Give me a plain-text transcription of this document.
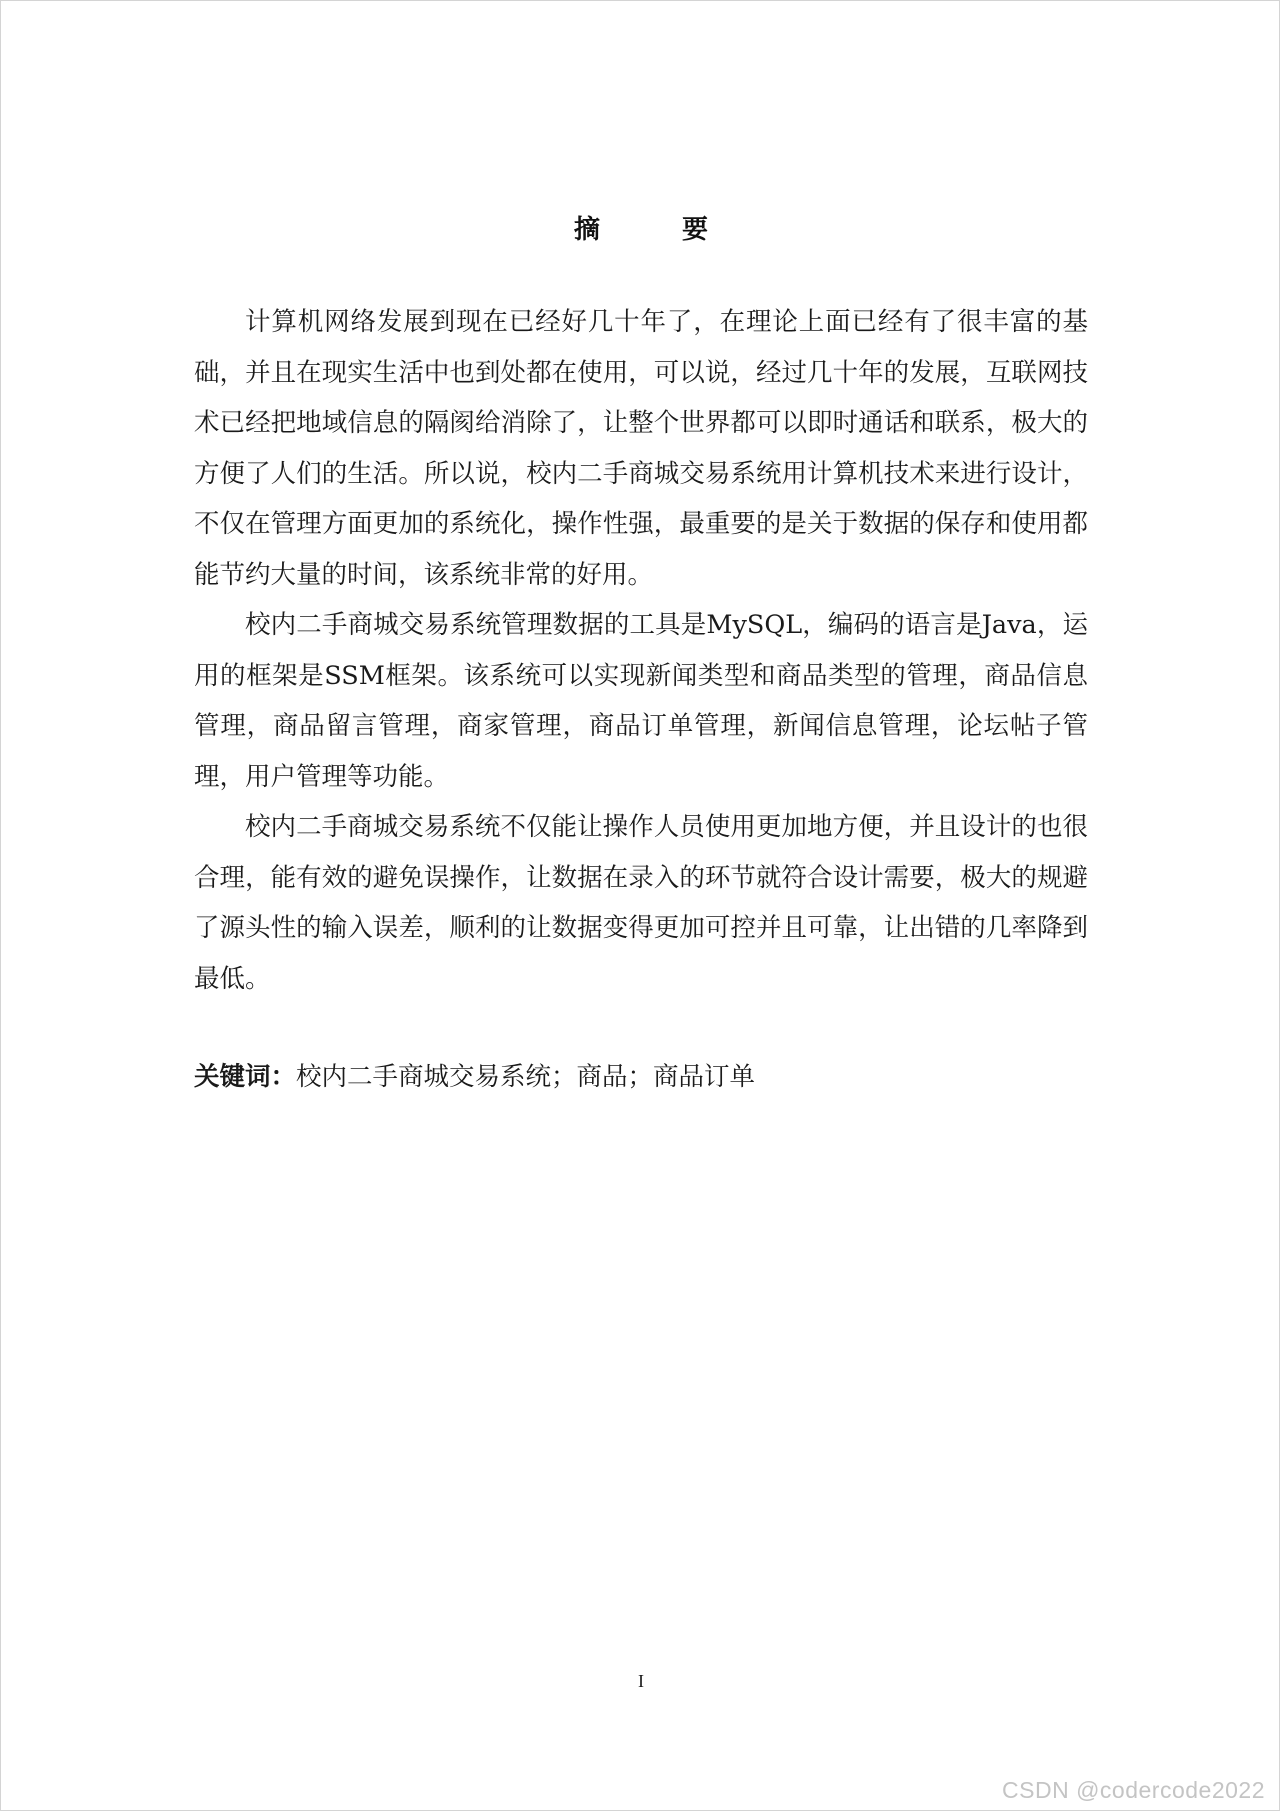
摘　要

计算机网络发展到现在已经好几十年了，在理论上面已经有了很丰富的基础，并且在现实生活中也到处都在使用，可以说，经过几十年的发展，互联网技术已经把地域信息的隔阂给消除了，让整个世界都可以即时通话和联系，极大的方便了人们的生活。所以说，校内二手商城交易系统用计算机技术来进行设计，不仅在管理方面更加的系统化，操作性强，最重要的是关于数据的保存和使用都能节约大量的时间，该系统非常的好用。

校内二手商城交易系统管理数据的工具是MySQL，编码的语言是Java，运用的框架是SSM框架。该系统可以实现新闻类型和商品类型的管理，商品信息管理，商品留言管理，商家管理，商品订单管理，新闻信息管理，论坛帖子管理，用户管理等功能。

校内二手商城交易系统不仅能让操作人员使用更加地方便，并且设计的也很合理，能有效的避免误操作，让数据在录入的环节就符合设计需要，极大的规避了源头性的输入误差，顺利的让数据变得更加可控并且可靠，让出错的几率降到最低。

关键词：校内二手商城交易系统；商品；商品订单
I
CSDN @codercode2022
